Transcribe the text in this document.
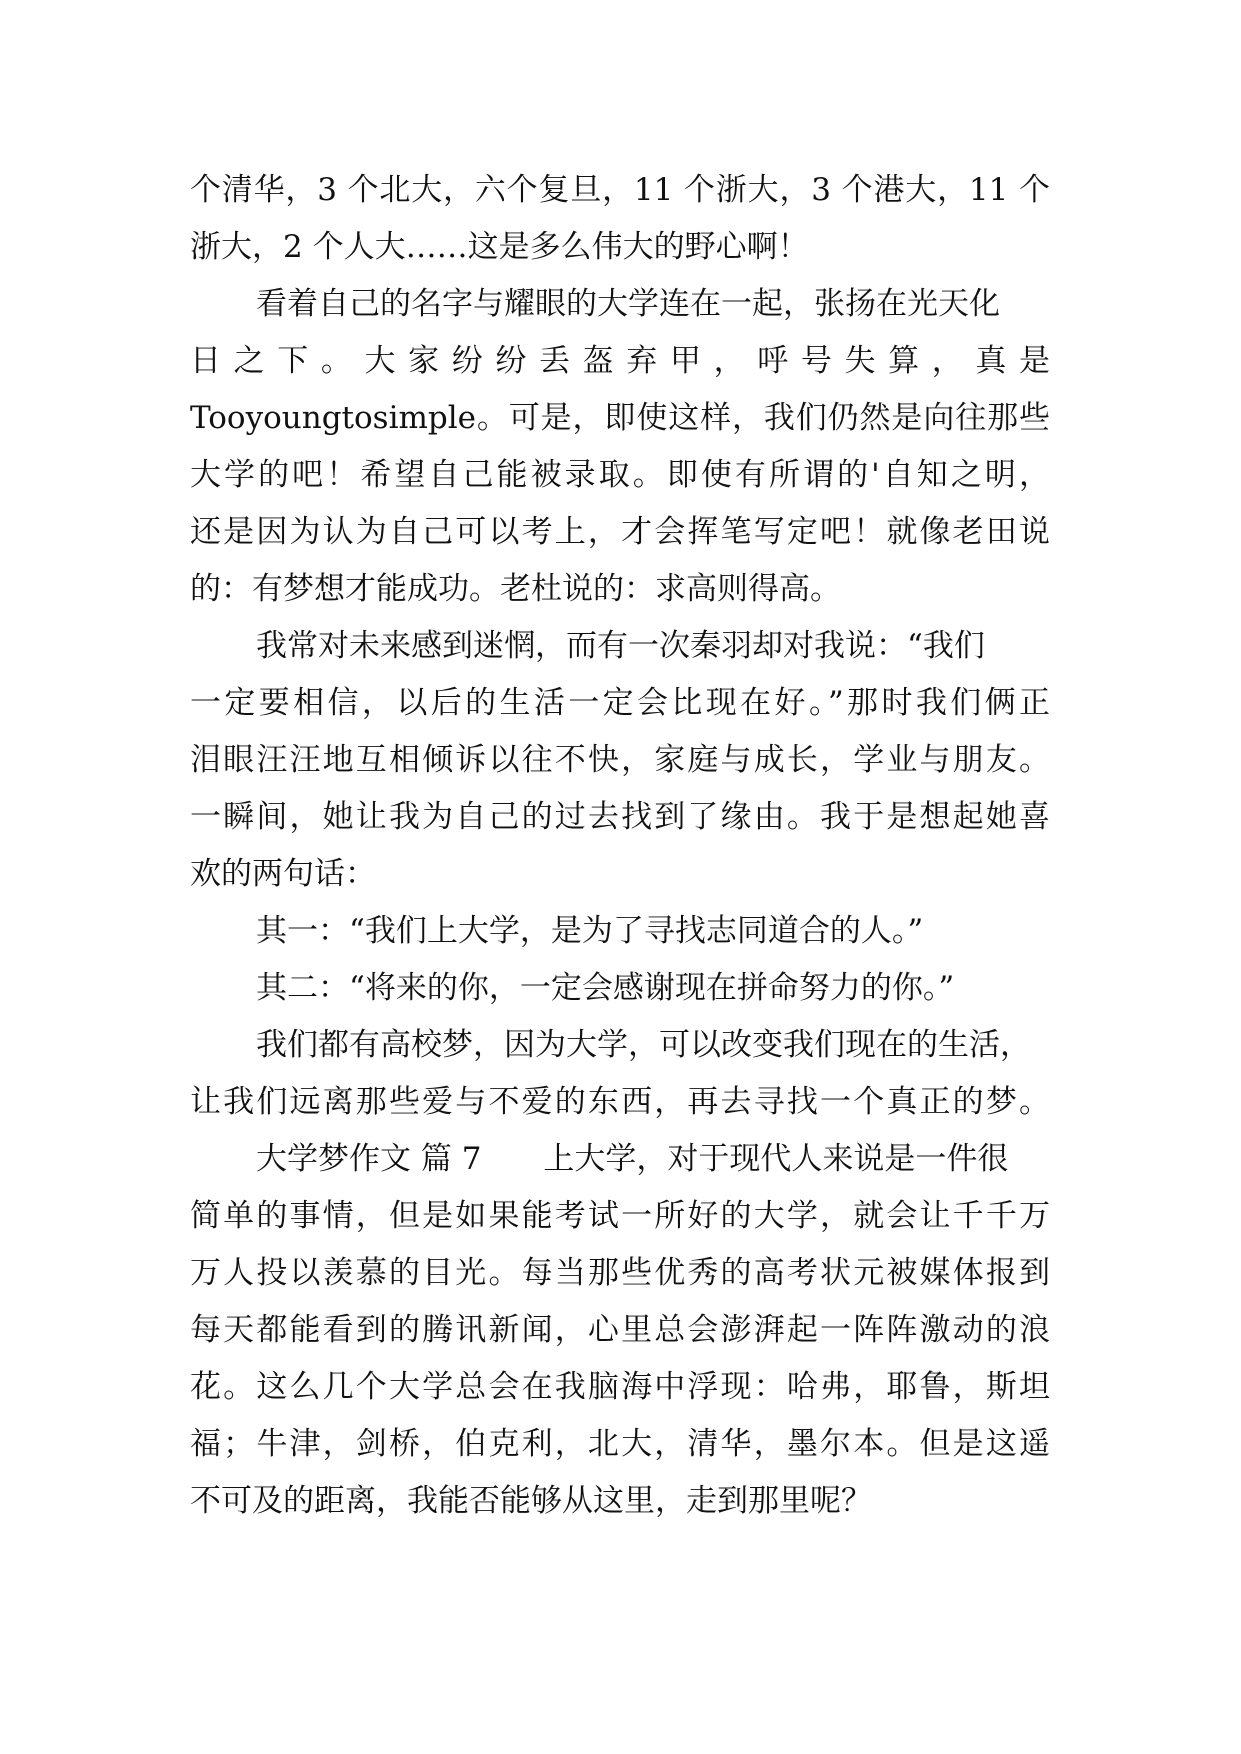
个清华，3 个北大，六个复旦，11 个浙大，3 个港大，11 个
浙大，2 个人大……这是多么伟大的野心啊！
看着自己的名字与耀眼的大学连在一起，张扬在光天化
日 之 下 。 大 家 纷 纷 丢 盔 弃 甲 ， 呼 号 失 算 ， 真 是
Tooyoungtosimple。可是，即使这样，我们仍然是向往那些
大学的吧！希望自己能被录取。即使有所谓的'自知之明，
还是因为认为自己可以考上，才会挥笔写定吧！就像老田说
的：有梦想才能成功。老杜说的：求高则得高。
我常对未来感到迷惘，而有一次秦羽却对我说：“我们
一定要相信，以后的生活一定会比现在好。”那时我们俩正
泪眼汪汪地互相倾诉以往不快，家庭与成长，学业与朋友。
一瞬间，她让我为自己的过去找到了缘由。我于是想起她喜
欢的两句话：
其一：“我们上大学，是为了寻找志同道合的人。”
其二：“将来的你，一定会感谢现在拼命努力的你。”
我们都有高校梦，因为大学，可以改变我们现在的生活，
让我们远离那些爱与不爱的东西，再去寻找一个真正的梦。
大学梦作文 篇 7　　上大学，对于现代人来说是一件很
简单的事情，但是如果能考试一所好的大学，就会让千千万
万人投以羡慕的目光。每当那些优秀的高考状元被媒体报到
每天都能看到的腾讯新闻，心里总会澎湃起一阵阵激动的浪
花。这么几个大学总会在我脑海中浮现：哈弗，耶鲁，斯坦
福；牛津，剑桥，伯克利，北大，清华，墨尔本。但是这遥
不可及的距离，我能否能够从这里，走到那里呢？
